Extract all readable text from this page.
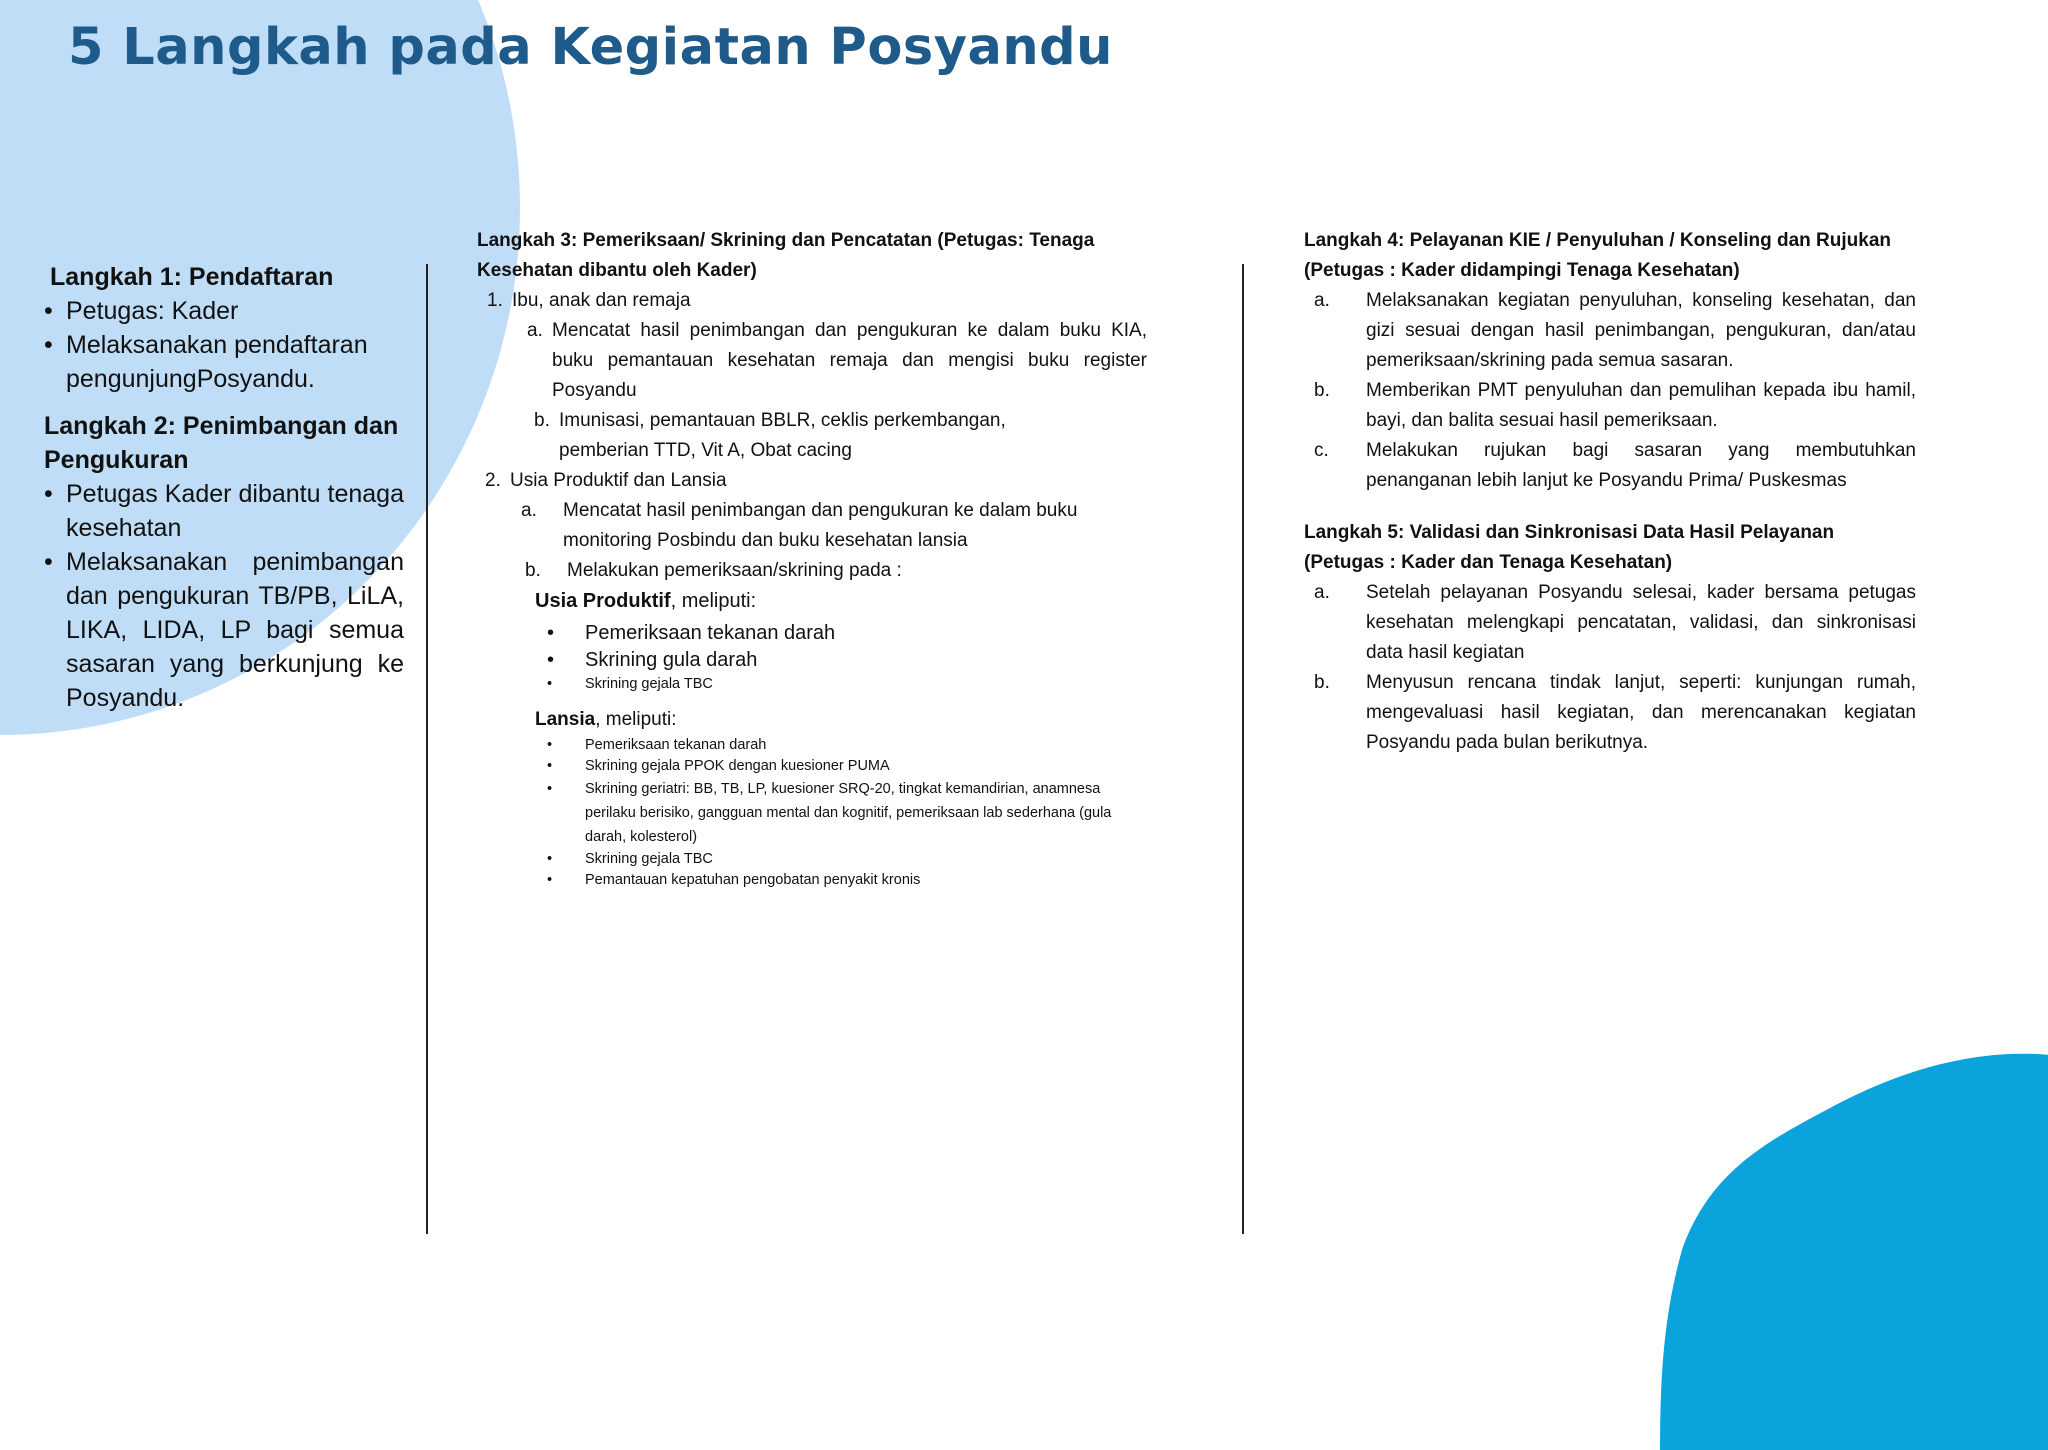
5 Langkah pada Kegiatan Posyandu
Langkah 1: Pendaftaran
• Petugas: Kader
• Melaksanakan pendaftaran pengunjungPosyandu.
Langkah 2: Penimbangan dan Pengukuran
• Petugas Kader dibantu tenaga kesehatan
• Melaksanakan penimbangan dan pengukuran TB/PB, LiLA, LIKA, LIDA, LP bagi semua sasaran yang berkunjung ke Posyandu.
Langkah 3: Pemeriksaan/ Skrining dan Pencatatan (Petugas: Tenaga Kesehatan dibantu oleh Kader)
1. Ibu, anak dan remaja
a. Mencatat hasil penimbangan dan pengukuran ke dalam buku KIA, buku pemantauan kesehatan remaja dan mengisi buku register Posyandu
b. Imunisasi, pemantauan BBLR, ceklis perkembangan, pemberian TTD, Vit A, Obat cacing
2. Usia Produktif dan Lansia
a.	Mencatat hasil penimbangan dan pengukuran ke dalam buku monitoring Posbindu dan buku kesehatan lansia
b.	Melakukan pemeriksaan/skrining pada :
Usia Produktif, meliputi:
• Pemeriksaan tekanan darah
• Skrining gula darah
• Skrining gejala TBC
Lansia, meliputi:
• Pemeriksaan tekanan darah
• Skrining gejala PPOK dengan kuesioner PUMA
• Skrining geriatri: BB, TB, LP, kuesioner SRQ-20, tingkat kemandirian, anamnesa perilaku berisiko, gangguan mental dan kognitif, pemeriksaan lab sederhana (gula darah, kolesterol)
• Skrining gejala TBC
• Pemantauan kepatuhan pengobatan penyakit kronis
Langkah 4: Pelayanan KIE / Penyuluhan / Konseling dan Rujukan (Petugas : Kader didampingi Tenaga Kesehatan)
a.	Melaksanakan kegiatan penyuluhan, konseling kesehatan, dan gizi sesuai dengan hasil penimbangan, pengukuran, dan/atau pemeriksaan/skrining pada semua sasaran.
b.	Memberikan PMT penyuluhan dan pemulihan kepada ibu hamil, bayi, dan balita sesuai hasil pemeriksaan.
c.	Melakukan rujukan bagi sasaran yang membutuhkan penanganan lebih lanjut ke Posyandu Prima/ Puskesmas
Langkah 5: Validasi dan Sinkronisasi Data Hasil Pelayanan (Petugas : Kader dan Tenaga Kesehatan)
a.	Setelah pelayanan Posyandu selesai, kader bersama petugas kesehatan melengkapi pencatatan, validasi, dan sinkronisasi data hasil kegiatan
b.	Menyusun rencana tindak lanjut, seperti: kunjungan rumah, mengevaluasi hasil kegiatan, dan merencanakan kegiatan Posyandu pada bulan berikutnya.
